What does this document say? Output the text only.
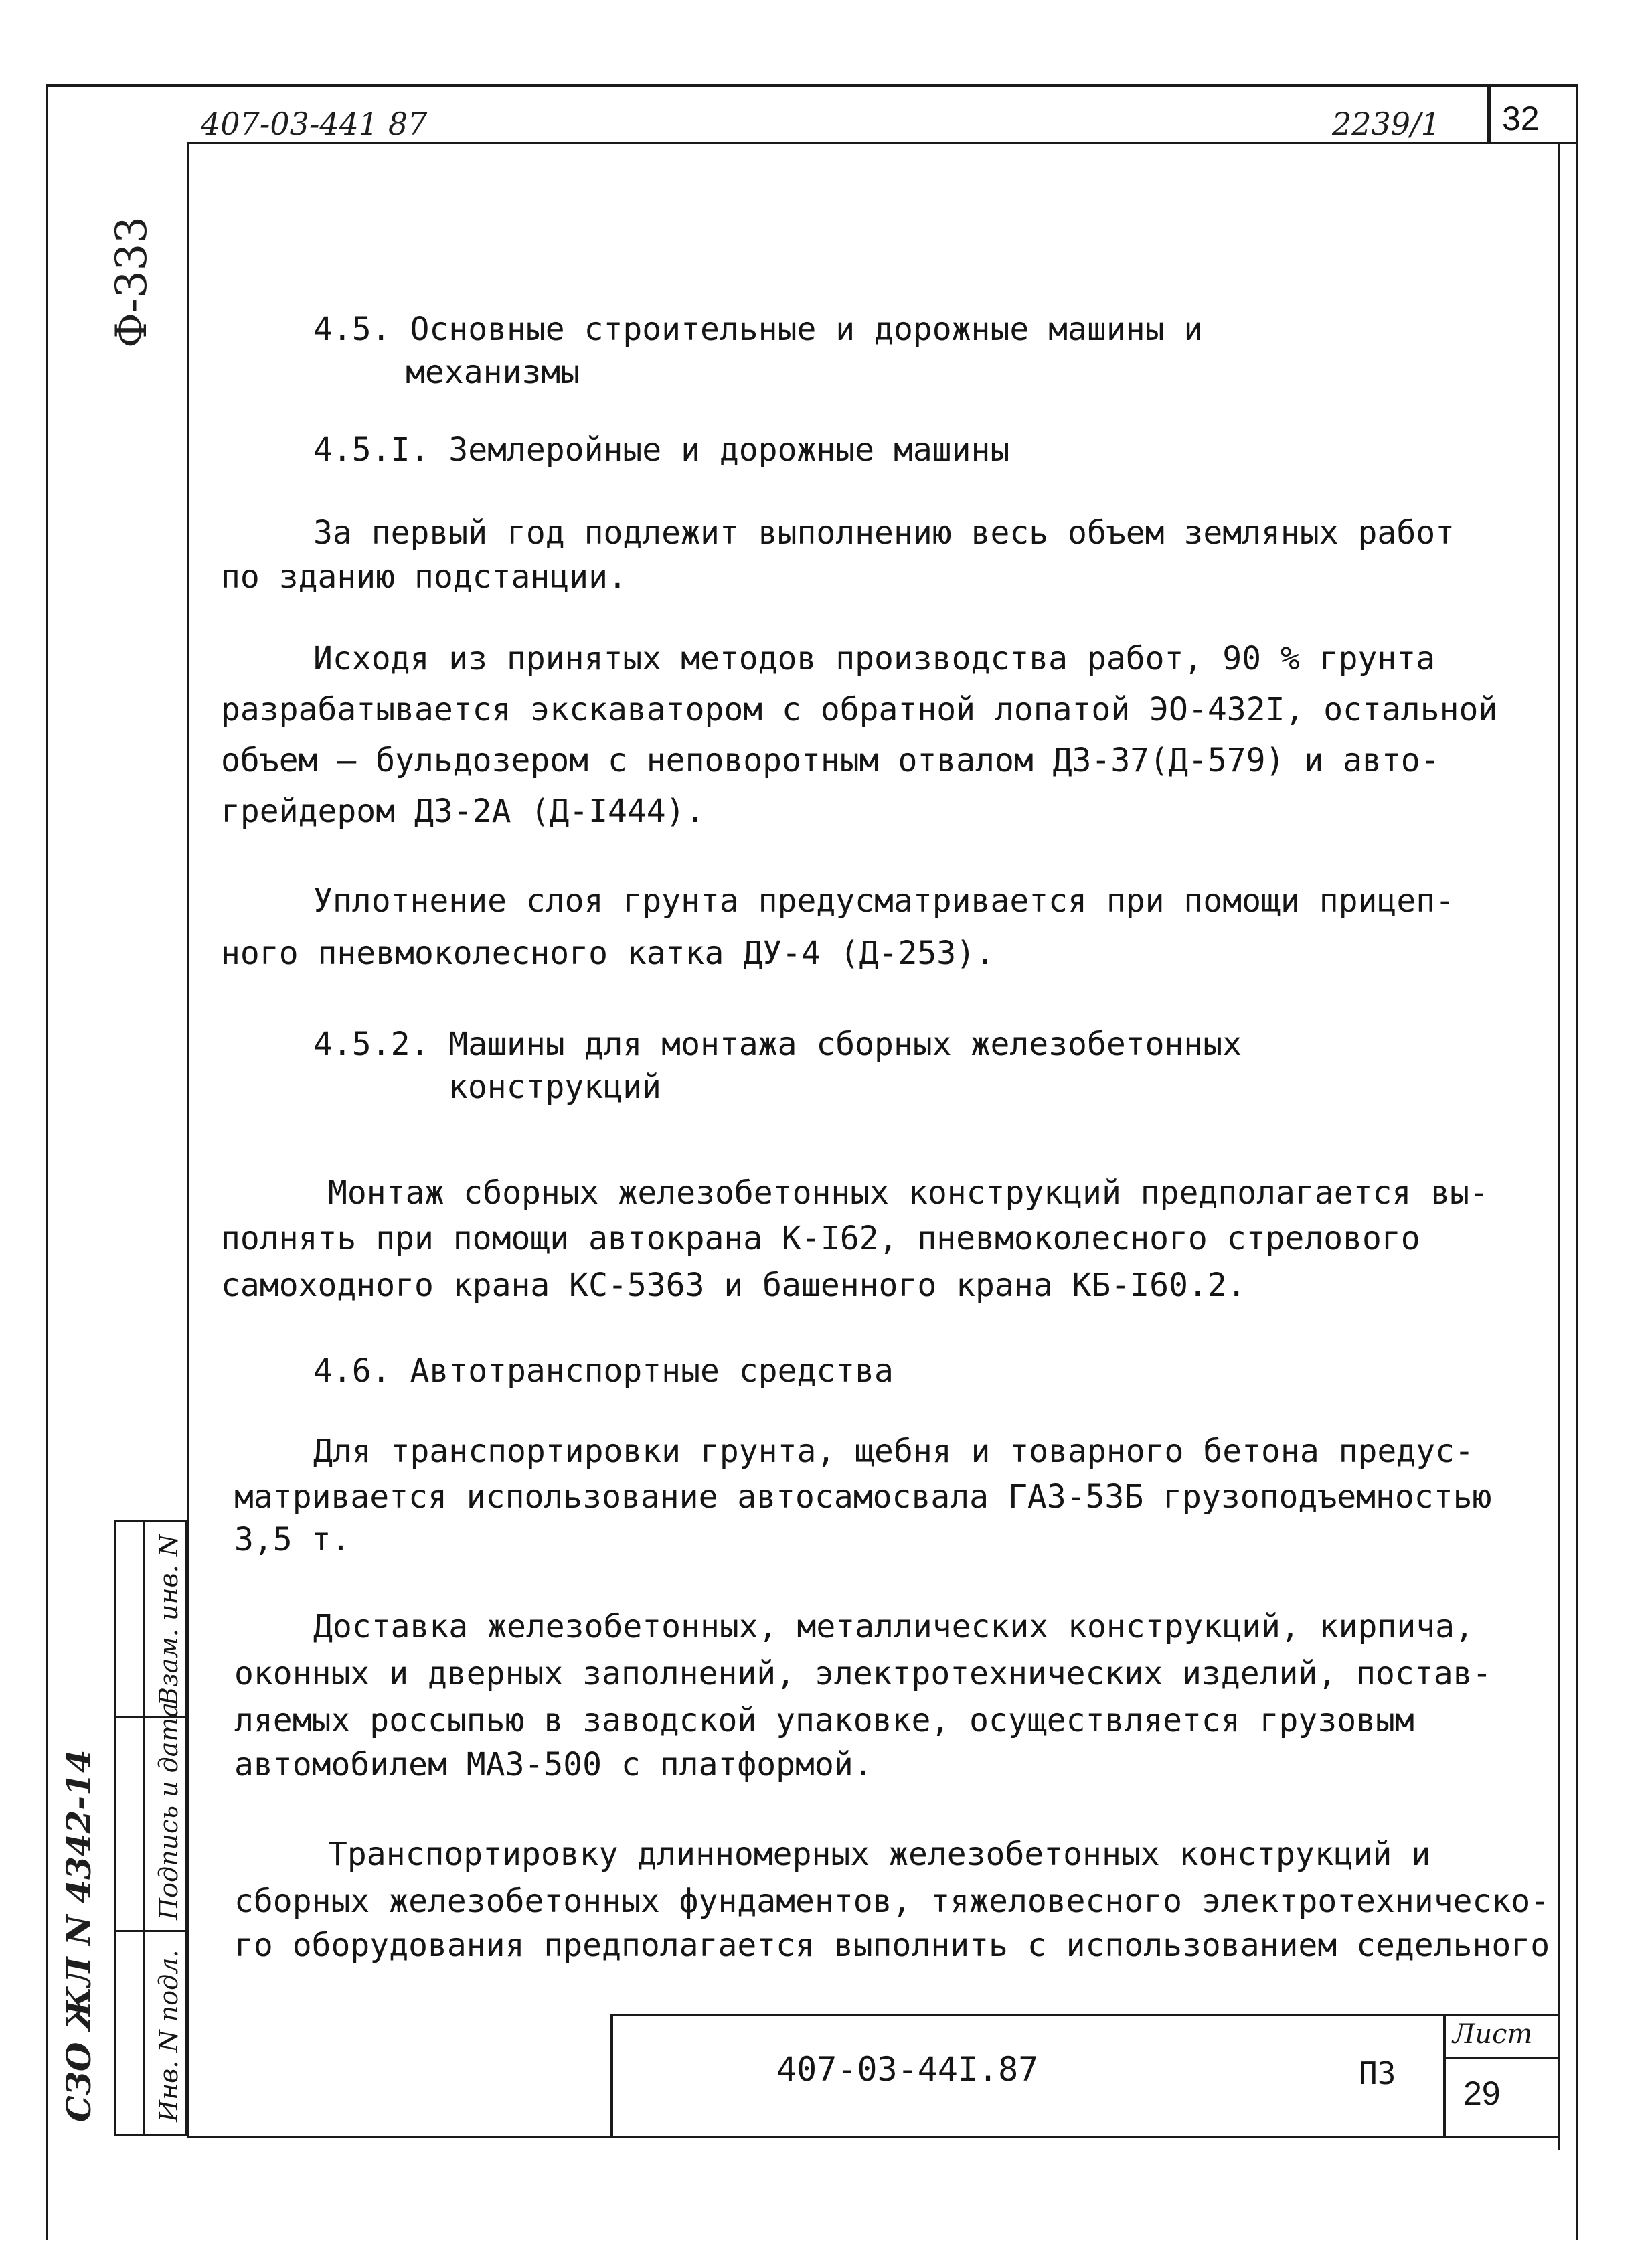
407-03-441 87	2239/1 32
Ф-333
СЗО ЖЛ N 4342-14
4.5. Основные строительные и дорожные машины и
механизмы
4.5.I. Землеройные и дорожные машины
За первый год подлежит выполнению весь объем земляных работ
по зданию подстанции.
Исходя из принятых методов производства работ, 90 % грунта
разрабатывается экскаватором с обратной лопатой ЭО-432I, остальной
объем – бульдозером с неповоротным отвалом ДЗ-37(Д-579) и авто-
грейдером ДЗ-2А (Д-I444).
Уплотнение слоя грунта предусматривается при помощи прицеп-
ного пневмоколесного катка ДУ-4 (Д-253).
4.5.2. Машины для монтажа сборных железобетонных
конструкций
Монтаж сборных железобетонных конструкций предполагается вы-
полнять при помощи автокрана К-I62, пневмоколесного стрелового
самоходного крана КС-5363 и башенного крана КБ-I60.2.
4.6. Автотранспортные средства
Для транспортировки грунта, щебня и товарного бетона предус-
матривается использование автосамосвала ГАЗ-53Б грузоподъемностью
3,5 т.
Доставка железобетонных, металлических конструкций, кирпича,
оконных и дверных заполнений, электротехнических изделий, постав-
ляемых россыпью в заводской упаковке, осуществляется грузовым
автомобилем МАЗ-500 с платформой.
Транспортировку длинномерных железобетонных конструкций и
сборных железобетонных фундаментов, тяжеловесного электротехническо-
го оборудования предполагается выполнить с использованием седельного
Взам. инв. N
Подпись и дата
Инв. N подл.	407-03-44I.87	ПЗ
Лист
29
